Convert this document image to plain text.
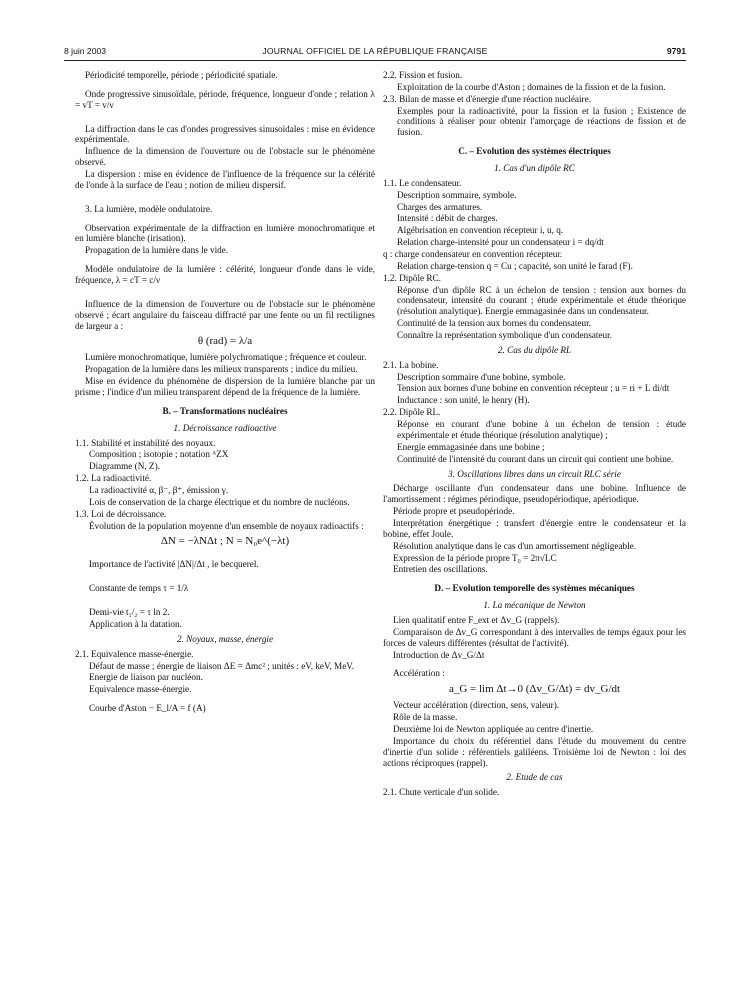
8 juin 2003	JOURNAL OFFICIEL DE LA RÉPUBLIQUE FRANÇAISE	9791

Périodicité temporelle, période ; périodicité spatiale.

Onde progressive sinusoïdale, période, fréquence, longueur d'onde ; relation λ = vT = v/ν

La diffraction dans le cas d'ondes progressives sinusoïdales : mise en évidence expérimentale.

Influence de la dimension de l'ouverture ou de l'obstacle sur le phénomène observé.

La dispersion : mise en évidence de l'influence de la fréquence sur la célérité de l'onde à la surface de l'eau ; notion de milieu dispersif.

3. La lumière, modèle ondulatoire.

Observation expérimentale de la diffraction en lumière monochromatique et en lumière blanche (irisation).

Propagation de la lumière dans le vide.

Modèle ondulatoire de la lumière : célérité, longueur d'onde dans le vide, fréquence, λ = cT = c/ν

Influence de la dimension de l'ouverture ou de l'obstacle sur le phénomène observé ; écart angulaire du faisceau diffracté par une fente ou un fil rectilignes de largeur a :

θ (rad) = λ/a

Lumière monochromatique, lumière polychromatique ; fréquence et couleur.

Propagation de la lumière dans les milieux transparents ; indice du milieu.

Mise en évidence du phénomène de dispersion de la lumière blanche par un prisme ; l'indice d'un milieu transparent dépend de la fréquence de la lumière.

B. – Transformations nucléaires
1. Décroissance radioactive

1.1. Stabilité et instabilité des noyaux.

Composition ; isotopie ; notation ᴬZX

Diagramme (N, Z).

1.2. La radioactivité.

La radioactivité α, β⁻, β⁺, émission γ.

Lois de conservation de la charge électrique et du nombre de nucléons.

1.3. Loi de décroissance.

Évolution de la population moyenne d'un ensemble de noyaux radioactifs :

ΔN = −λNΔt ; N = N₀e^(−λt)

Importance de l'activité |ΔN|/Δt , le becquerel.

Constante de temps τ = 1/λ

Demi-vie t₁/₂ = τ ln 2.

Application à la datation.

2. Noyaux, masse, énergie

2.1. Equivalence masse-énergie.

Défaut de masse ; énergie de liaison ΔE = Δmc² ; unités : eV, keV, MeV.

Energie de liaison par nucléon.

Equivalence masse-énergie.

Courbe d'Aston − E_l/A = f (A)

2.2. Fission et fusion.

Exploitation de la courbe d'Aston ; domaines de la fission et de la fusion.

2.3. Bilan de masse et d'énergie d'une réaction nucléaire.

Exemples pour la radioactivité, pour la fission et la fusion ; Existence de conditions à réaliser pour obtenir l'amorçage de réactions de fission et de fusion.

C. – Evolution des systèmes électriques
1. Cas d'un dipôle RC

1.1. Le condensateur.

Description sommaire, symbole.

Charges des armatures.

Intensité : débit de charges.

Algébrisation en convention récepteur i, u, q.

Relation charge-intensité pour un condensateur i = dq/dt

q : charge condensateur en convention récepteur.

Relation charge-tension q = Cu ; capacité, son unité le farad (F).

1.2. Dipôle RC.

Réponse d'un dipôle RC à un échelon de tension : tension aux bornes du condensateur, intensité du courant ; étude expérimentale et étude théorique (résolution analytique). Energie emmagasinée dans un condensateur.

Continuité de la tension aux bornes du condensateur.

Connaître la représentation symbolique d'un condensateur.

2. Cas du dipôle RL

2.1. La bobine.

Description sommaire d'une bobine, symbole.

Tension aux bornes d'une bobine en convention récepteur ; u = ri + L di/dt

Inductance : son unité, le henry (H).

2.2. Dipôle RL.

Réponse en courant d'une bobine à un échelon de tension : étude expérimentale et étude théorique (résolution analytique) ;

Energie emmagasinée dans une bobine ;

Continuité de l'intensité du courant dans un circuit qui contient une bobine.

3. Oscillations libres dans un circuit RLC série

Décharge oscillante d'un condensateur dans une bobine. Influence de l'amortissement : régimes périodique, pseudopériodique, apériodique.

Période propre et pseudopériode.

Interprétation énergétique : transfert d'énergie entre le condensateur et la bobine, effet Joule.

Résolution analytique dans le cas d'un amortissement négligeable.

Expression de la période propre T₀ = 2π√LC

Entretien des oscillations.

D. – Evolution temporelle des systèmes mécaniques
1. La mécanique de Newton

Lien qualitatif entre F_ext et Δv_G (rappels).

Comparaison de Δv_G correspondant à des intervalles de temps égaux pour les forces de valeurs différentes (résultat de l'activité).

Introduction de Δv_G/Δt

Accélération :

a_G = lim Δt→0 (Δv_G/Δt) = dv_G/dt

Vecteur accélération (direction, sens, valeur).

Rôle de la masse.

Deuxième loi de Newton appliquée au centre d'inertie.

Importance du choix du référentiel dans l'étude du mouvement du centre d'inertie d'un solide : référentiels galiléens. Troisième loi de Newton : loi des actions réciproques (rappel).

2. Etude de cas

2.1. Chute verticale d'un solide.
